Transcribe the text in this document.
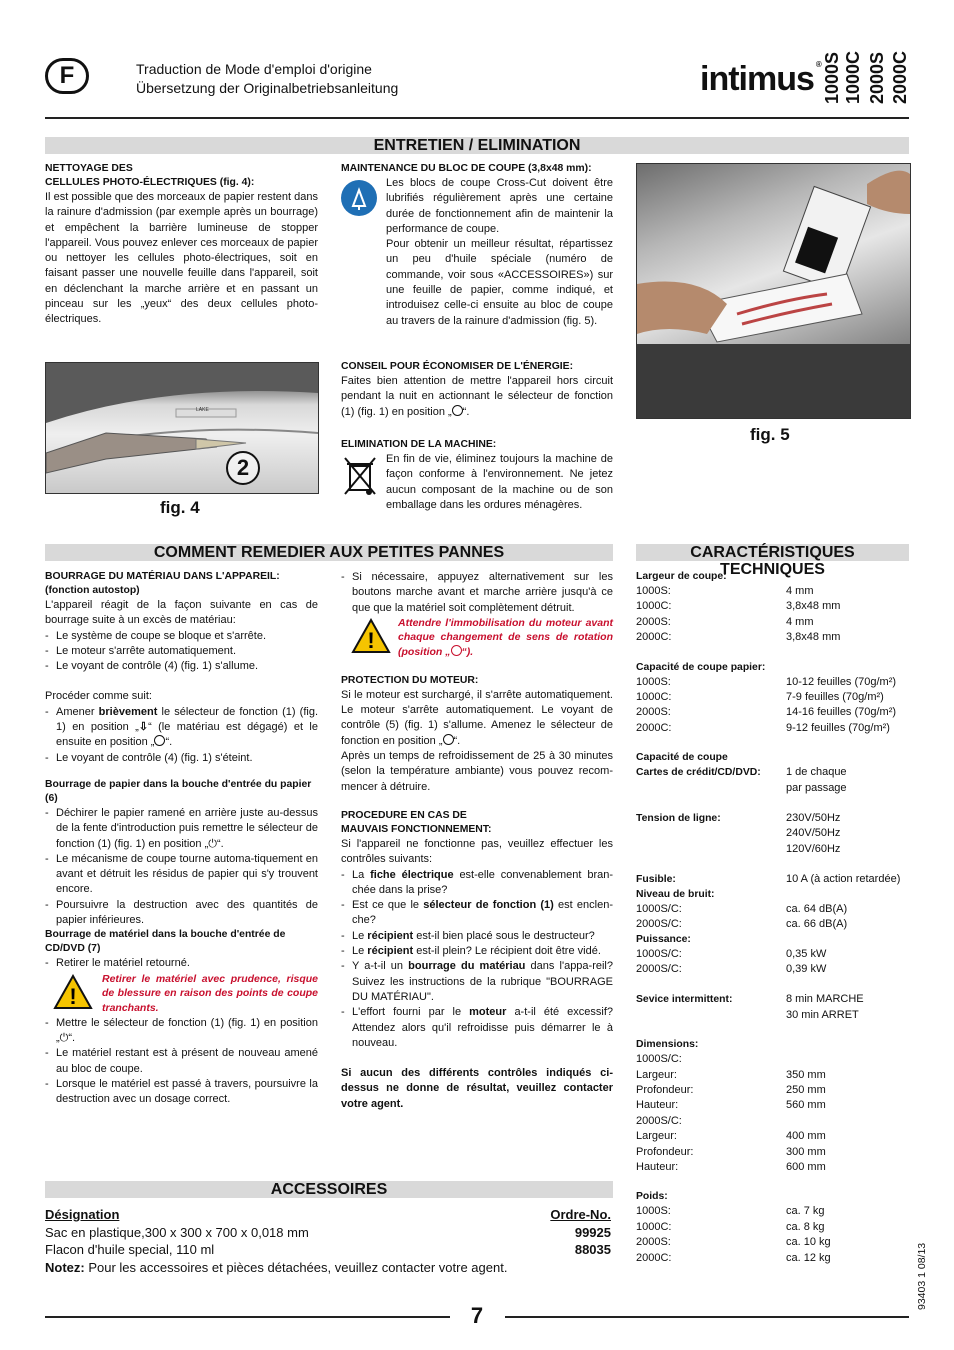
F	Traduction de Mode d'emploi d'origine
Übersetzung der Originalbetriebsanleitung	intimus ® 1000S 1000C 2000S 2000C
ENTRETIEN / ELIMINATION
NETTOYAGE DES
CELLULES PHOTO-ÉLECTRIQUES (fig. 4):
Il est possible que des morceaux de papier restent dans la rainure d'admission (par exemple après un bourrage) et empêchent la barrière lumineuse de stopper l'appareil. Vous pouvez enlever ces morceaux de papier ou nettoyer les cellules photo-électriques, soit en faisant passer une nouvelle feuille dans l'appareil, soit en déclenchant la marche arrière et en passant un pinceau sur les „yeux“ des deux cellules photo-électriques.
LAKE
2
fig. 4
MAINTENANCE DU BLOC DE COUPE (3,8x48 mm):
Les blocs de coupe Cross-Cut doivent être lubrifiés régulièrement après une certaine durée de fonctionnement afin de maintenir la performance de coupe.
Pour obtenir un meilleur résultat, répartissez un peu d'huile spéciale (numéro de commande, voir sous «ACCESSOIRES») sur une feuille de papier, comme indiqué, et introduisez celle-ci ensuite au bloc de coupe au travers de la rainure d'admission (fig. 5).
CONSEIL POUR ÉCONOMISER DE L'ÉNERGIE:
Faites bien attention de mettre l'appareil hors circuit pendant la nuit en actionnant le sélecteur de fonction (1) (fig. 1) en position „ “.
ELIMINATION DE LA MACHINE:
En fin de vie, éliminez toujours la machine de façon conforme à l'environnement. Ne jetez aucun composant de la machine ou de son emballage dans les ordures ménagères.
fig. 5
COMMENT REMEDIER AUX PETITES PANNES
BOURRAGE DU MATÉRIAU DANS L'APPAREIL:
(fonction autostop)
L'appareil réagit de la façon suivante en cas de bourrage suite à un excès de matériau:
- Le système de coupe se bloque et s'arrête.
- Le moteur s'arrête automatiquement.
- Le voyant de contrôle (4) (fig. 1) s'allume.
Procéder comme suit:
- Amener brièvement le sélecteur de fonction (1) (fig. 1) en position „⇩“ (le matériau est dégagé) et le ensuite en position „ “.
- Le voyant de contrôle (4) (fig. 1) s'éteint.
Bourrage de papier dans la bouche d'entrée du papier (6)
- Déchirer le papier ramené en arrière juste au-dessus de la fente d'introduction puis remettre le sélecteur de fonction (1) (fig. 1) en position „⏻“.
- Le mécanisme de coupe tourne automa-tiquement en avant et détruit les résidus de papier qui s'y trouvent encore.
- Poursuivre la destruction avec des quantités de papier inférieures.
Bourrage de matériel dans la bouche d'entrée de CD/DVD (7)
- Retirer le matériel retourné.
!
Retirer le matériel avec prudence, risque de blessure en raison des points de coupe tranchants.
- Mettre le sélecteur de fonction (1) (fig. 1) en position „⏻“.
- Le matériel restant est à présent de nouveau amené au bloc de coupe.
- Lorsque le matériel est passé à travers, poursuivre la destruction avec un dosage correct.
- Si nécessaire, appuyez alternativement sur les boutons marche avant et marche arrière jusqu'à ce que que la matériel soit complètement détruit.
!
Attendre l'immobilisation du moteur avant chaque changement de sens de rotation (position „ “).
PROTECTION DU MOTEUR:
Si le moteur est surchargé, il s'arrête automatiquement. Le moteur s'arrête automatiquement. Le voyant de contrôle (5) (fig. 1) s'allume. Amenez le sélecteur de fonction en position „ “.
Après un temps de refroidissement de 25 à 30 minutes (selon la température ambiante) vous pouvez recom-mencer à détruire.
PROCEDURE EN CAS DE
MAUVAIS FONCTIONNEMENT:
Si l'appareil ne fonctionne pas, veuillez effectuer les contrôles suivants:
- La fiche électrique est-elle convenablement bran-chée dans la prise?
- Est ce que le sélecteur de fonction (1) est enclen-che?
- Le récipient est-il bien placé sous le destructeur?
- Le récipient est-il plein? Le récipient doit être vidé.
- Y a-t-il un bourrage du matériau dans l'appa-reil? Suivez les instructions de la rubrique "BOURRAGE DU MATÉRIAU".
- L'effort fourni par le moteur a-t-il été excessif? Attendez alors qu'il refroidisse puis démarrer le à nouveau.
Si aucun des différents contrôles indiqués ci-dessus ne donne de résultat, veuillez contacter votre agent.
CARACTÉRISTIQUES TECHNIQUES
Largeur de coupe:
1000S:	4 mm
1000C:	3,8x48 mm
2000S:	4 mm
2000C:	3,8x48 mm
Capacité de coupe papier:
1000S:	10-12 feuilles (70g/m²)
1000C:	7-9 feuilles (70g/m²)
2000S:	14-16 feuilles (70g/m²)
2000C:	9-12 feuilles (70g/m²)
Capacité de coupe
Cartes de crédit/CD/DVD:	1 de chaque
par passage
Tension de ligne:	230V/50Hz
240V/50Hz
120V/60Hz
Fusible:	10 A (à action retardée)
Niveau de bruit:
1000S/C:	ca. 64 dB(A)
2000S/C:	ca. 66 dB(A)
Puissance:
1000S/C:	0,35 kW
2000S/C:	0,39 kW
Sevice intermittent:	8 min MARCHE
30 min ARRET
Dimensions:
1000S/C:
Largeur:	350 mm
Profondeur:	250 mm
Hauteur:	560 mm
2000S/C:
Largeur:	400 mm
Profondeur:	300 mm
Hauteur:	600 mm
Poids:
1000S:	ca. 7 kg
1000C:	ca. 8 kg
2000S:	ca. 10 kg
2000C:	ca. 12 kg
ACCESSOIRES
Désignation	Ordre-No.
Sac en plastique,300 x 300 x 700 x 0,018 mm	99925
Flacon d'huile special, 110 ml	88035
Notez: Pour les accessoires et pièces détachées, veuillez contacter votre agent.	93403 1 08/13
7
